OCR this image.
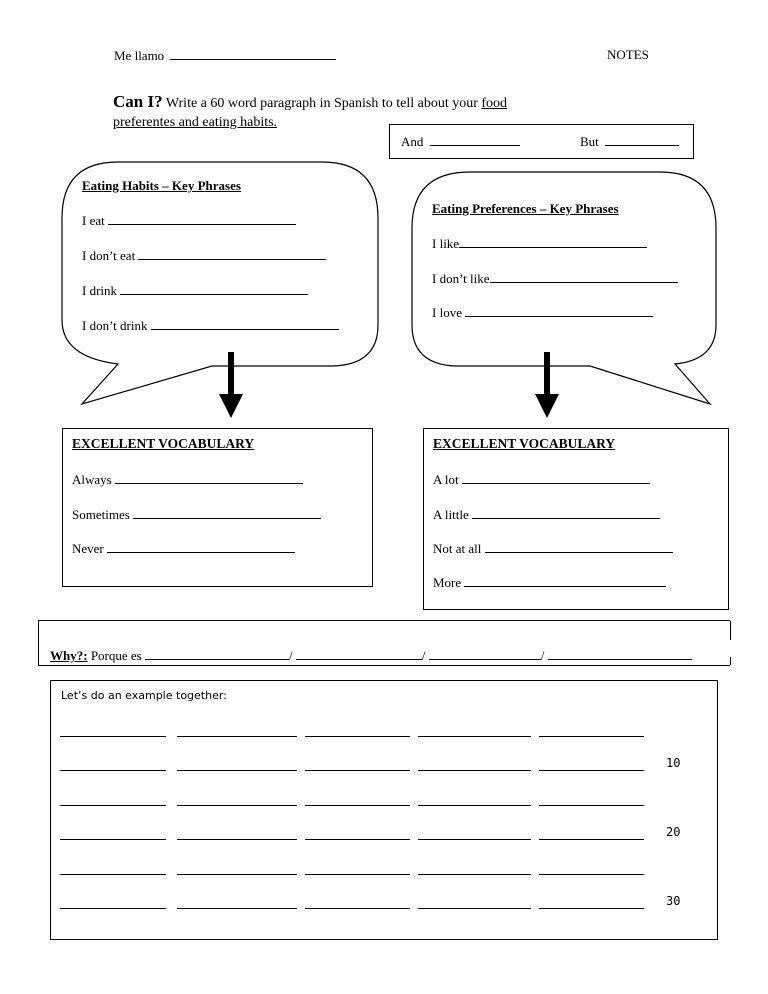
Me llamo	NOTES
Can I? Write a 60 word paragraph in Spanish to tell about your food
preferentes and eating habits.
And	But
Eating Habits – Key Phrases
I eat
I don’t eat
I drink
I don’t drink
Eating Preferences – Key Phrases
I like
I don’t like
I love
EXCELLENT VOCABULARY
Always
Sometimes
Never
EXCELLENT VOCABULARY
A lot
A little
Not at all
More
Why?: Porque es	/	/	/
Let’s do an example together:
10
20
30
